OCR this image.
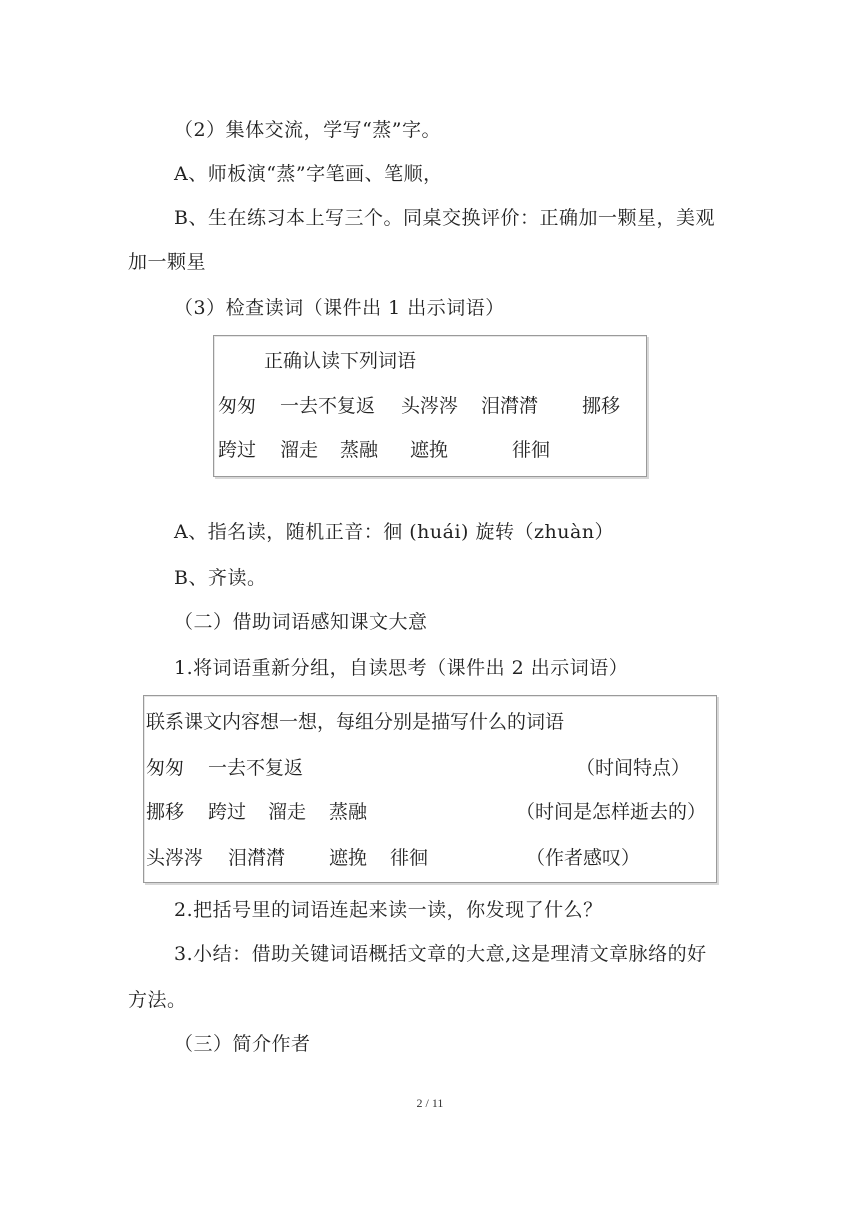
（2）集体交流，学写“蒸”字。
A、师板演“蒸”字笔画、笔顺，
B、生在练习本上写三个。同桌交换评价：正确加一颗星，美观
加一颗星
（3）检查读词（课件出 1 出示词语）
正确认读下列词语
匆匆 一去不复返 头涔涔 泪潸潸 挪移
跨过 溜走 蒸融 遮挽	徘徊
A、指名读，随机正音：徊 (huái) 旋转（zhuàn）
B、齐读。
（二）借助词语感知课文大意
1.将词语重新分组，自读思考（课件出 2 出示词语）
联系课文内容想一想，每组分别是描写什么的词语
匆匆 一去不复返	（时间特点）
挪移 跨过 溜走 蒸融	（时间是怎样逝去的）
头涔涔 泪潸潸 遮挽 徘徊	（作者感叹）
2.把括号里的词语连起来读一读，你发现了什么？
3.小结：借助关键词语概括文章的大意,这是理清文章脉络的好
方法。
（三）简介作者
2 / 11
